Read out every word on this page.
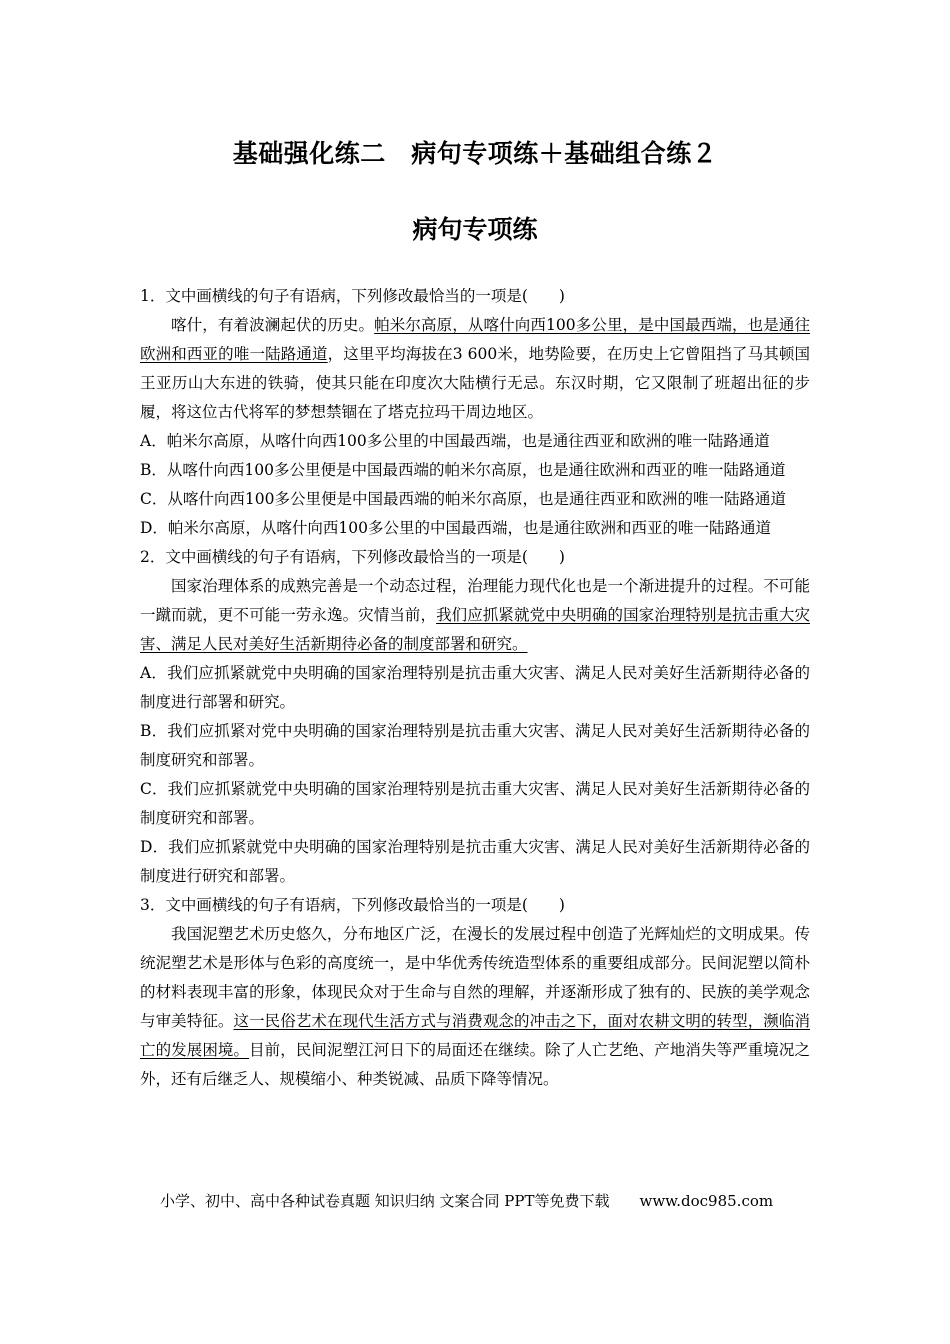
基础强化练二　病句专项练＋基础组合练２
病句专项练

1．文中画横线的句子有语病，下列修改最恰当的一项是(　　)

喀什，有着波澜起伏的历史。帕米尔高原，从喀什向西100多公里，是中国最西端，也是通往欧洲和西亚的唯一陆路通道，这里平均海拔在3 600米，地势险要，在历史上它曾阻挡了马其顿国王亚历山大东进的铁骑，使其只能在印度次大陆横行无忌。东汉时期，它又限制了班超出征的步履，将这位古代将军的梦想禁锢在了塔克拉玛干周边地区。

A．帕米尔高原，从喀什向西100多公里的中国最西端，也是通往西亚和欧洲的唯一陆路通道

B．从喀什向西100多公里便是中国最西端的帕米尔高原，也是通往欧洲和西亚的唯一陆路通道

C．从喀什向西100多公里便是中国最西端的帕米尔高原，也是通往西亚和欧洲的唯一陆路通道

D．帕米尔高原，从喀什向西100多公里的中国最西端，也是通往欧洲和西亚的唯一陆路通道

2．文中画横线的句子有语病，下列修改最恰当的一项是(　　)

国家治理体系的成熟完善是一个动态过程，治理能力现代化也是一个渐进提升的过程。不可能一蹴而就，更不可能一劳永逸。灾情当前，我们应抓紧就党中央明确的国家治理特别是抗击重大灾害、满足人民对美好生活新期待必备的制度部署和研究。

A．我们应抓紧就党中央明确的国家治理特别是抗击重大灾害、满足人民对美好生活新期待必备的制度进行部署和研究。

B．我们应抓紧对党中央明确的国家治理特别是抗击重大灾害、满足人民对美好生活新期待必备的制度研究和部署。

C．我们应抓紧就党中央明确的国家治理特别是抗击重大灾害、满足人民对美好生活新期待必备的制度研究和部署。

D．我们应抓紧就党中央明确的国家治理特别是抗击重大灾害、满足人民对美好生活新期待必备的制度进行研究和部署。

3．文中画横线的句子有语病，下列修改最恰当的一项是(　　)

我国泥塑艺术历史悠久，分布地区广泛，在漫长的发展过程中创造了光辉灿烂的文明成果。传统泥塑艺术是形体与色彩的高度统一，是中华优秀传统造型体系的重要组成部分。民间泥塑以简朴的材料表现丰富的形象，体现民众对于生命与自然的理解，并逐渐形成了独有的、民族的美学观念与审美特征。这一民俗艺术在现代生活方式与消费观念的冲击之下，面对农耕文明的转型，濒临消亡的发展困境。目前，民间泥塑江河日下的局面还在继续。除了人亡艺绝、产地消失等严重境况之外，还有后继乏人、规模缩小、种类锐减、品质下降等情况。

小学、初中、高中各种试卷真题 知识归纳 文案合同 PPT等免费下载 www.doc985.com
